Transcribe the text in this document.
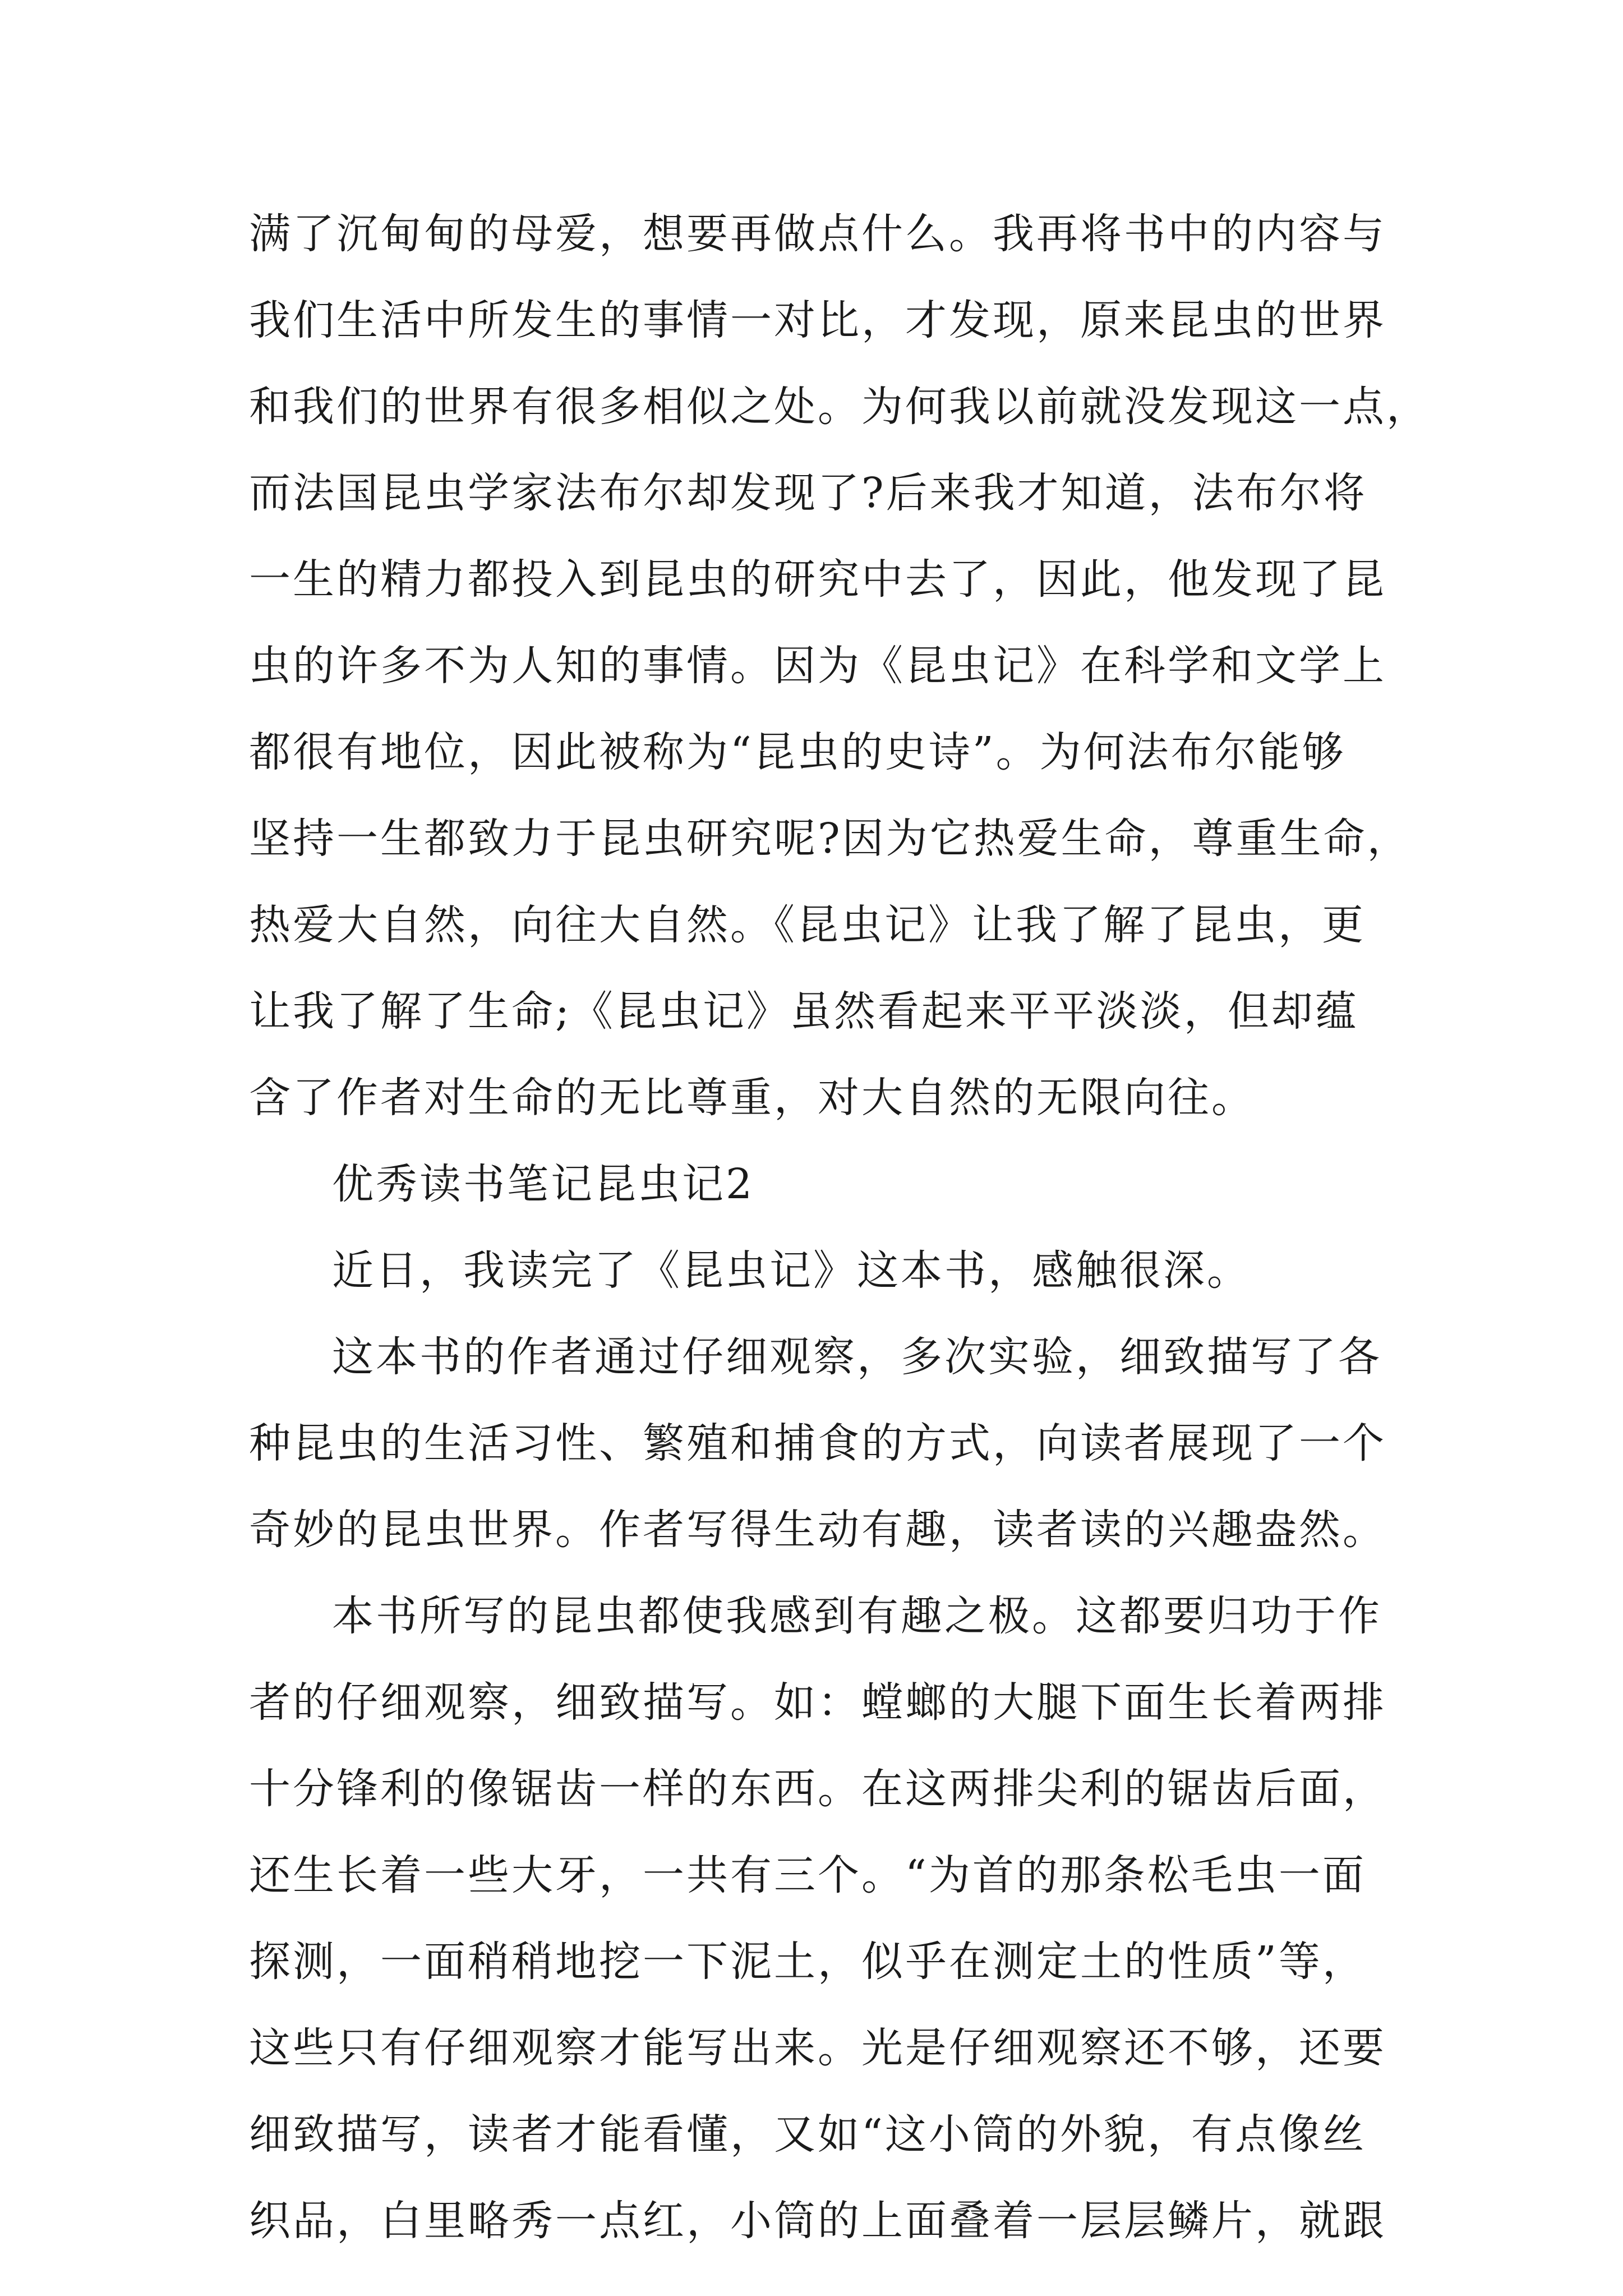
满了沉甸甸的母爱，想要再做点什么。我再将书中的内容与
我们生活中所发生的事情一对比，才发现，原来昆虫的世界
和我们的世界有很多相似之处。为何我以前就没发现这一点，
而法国昆虫学家法布尔却发现了?后来我才知道，法布尔将
一生的精力都投入到昆虫的研究中去了，因此，他发现了昆
虫的许多不为人知的事情。因为《昆虫记》在科学和文学上
都很有地位，因此被称为“昆虫的史诗”。为何法布尔能够
坚持一生都致力于昆虫研究呢?因为它热爱生命，尊重生命，
热爱大自然，向往大自然。《昆虫记》让我了解了昆虫，更
让我了解了生命;《昆虫记》虽然看起来平平淡淡，但却蕴
含了作者对生命的无比尊重，对大自然的无限向往。
优秀读书笔记昆虫记2
近日，我读完了《昆虫记》这本书，感触很深。
这本书的作者通过仔细观察，多次实验，细致描写了各
种昆虫的生活习性、繁殖和捕食的方式，向读者展现了一个
奇妙的昆虫世界。作者写得生动有趣，读者读的兴趣盎然。
本书所写的昆虫都使我感到有趣之极。这都要归功于作
者的仔细观察，细致描写。如：螳螂的大腿下面生长着两排
十分锋利的像锯齿一样的东西。在这两排尖利的锯齿后面，
还生长着一些大牙，一共有三个。“为首的那条松毛虫一面
探测，一面稍稍地挖一下泥土，似乎在测定土的性质”等，
这些只有仔细观察才能写出来。光是仔细观察还不够，还要
细致描写，读者才能看懂，又如“这小筒的外貌，有点像丝
织品，白里略秀一点红，小筒的上面叠着一层层鳞片，就跟
